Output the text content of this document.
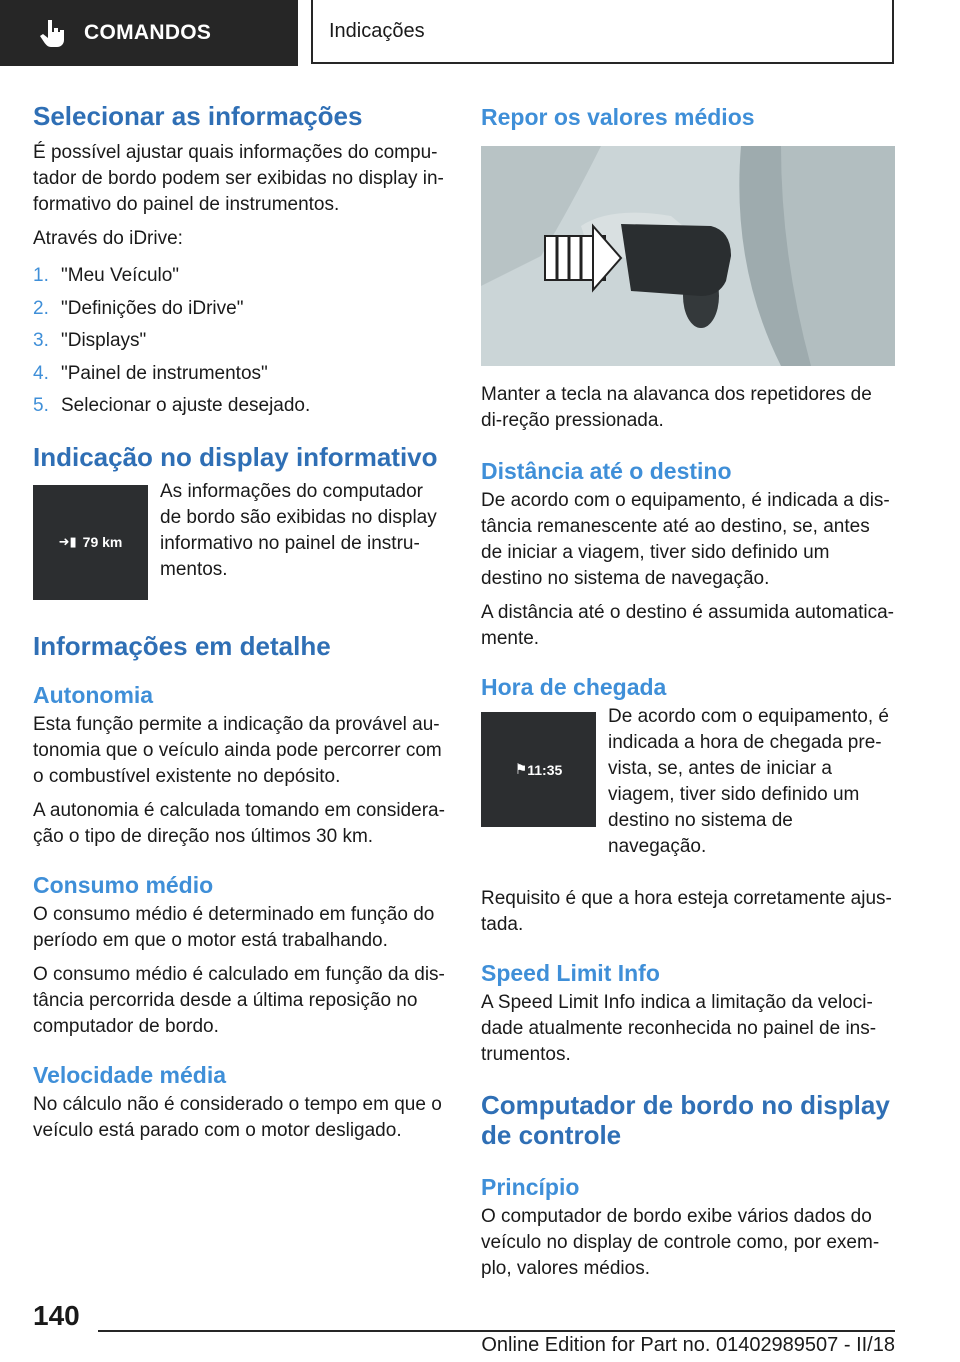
COMANDOS	Indicações
Selecionar as informações

É possível ajustar quais informações do compu-tador de bordo podem ser exibidas no display in-formativo do painel de instrumentos.

Através do iDrive:

1. "Meu Veículo"
2. "Definições do iDrive"
3. "Displays"
4. "Painel de instrumentos"
5. Selecionar o ajuste desejado.
Indicação no display informativo
➜▮ 79 km

As informações do computador de bordo são exibidas no display informativo no painel de instru-mentos.

Informações em detalhe
Autonomia

Esta função permite a indicação da provável au-tonomia que o veículo ainda pode percorrer com o combustível existente no depósito.

A autonomia é calculada tomando em considera-ção o tipo de direção nos últimos 30 km.

Consumo médio

O consumo médio é determinado em função do período em que o motor está trabalhando.

O consumo médio é calculado em função da dis-tância percorrida desde a última reposição no computador de bordo.

Velocidade média

No cálculo não é considerado o tempo em que o veículo está parado com o motor desligado.

Repor os valores médios

Manter a tecla na alavanca dos repetidores de di-reção pressionada.

Distância até o destino

De acordo com o equipamento, é indicada a dis-tância remanescente até ao destino, se, antes de iniciar a viagem, tiver sido definido um destino no sistema de navegação.

A distância até o destino é assumida automatica-mente.

Hora de chegada
⚑ 11:35

De acordo com o equipamento, é indicada a hora de chegada pre-vista, se, antes de iniciar a viagem, tiver sido definido um destino no sistema de navegação.

Requisito é que a hora esteja corretamente ajus-tada.

Speed Limit Info

A Speed Limit Info indica a limitação da veloci-dade atualmente reconhecida no painel de ins-trumentos.

Computador de bordo no display de controle
Princípio

O computador de bordo exibe vários dados do veículo no display de controle como, por exem-plo, valores médios.

140
Online Edition for Part no. 01402989507 - II/18
